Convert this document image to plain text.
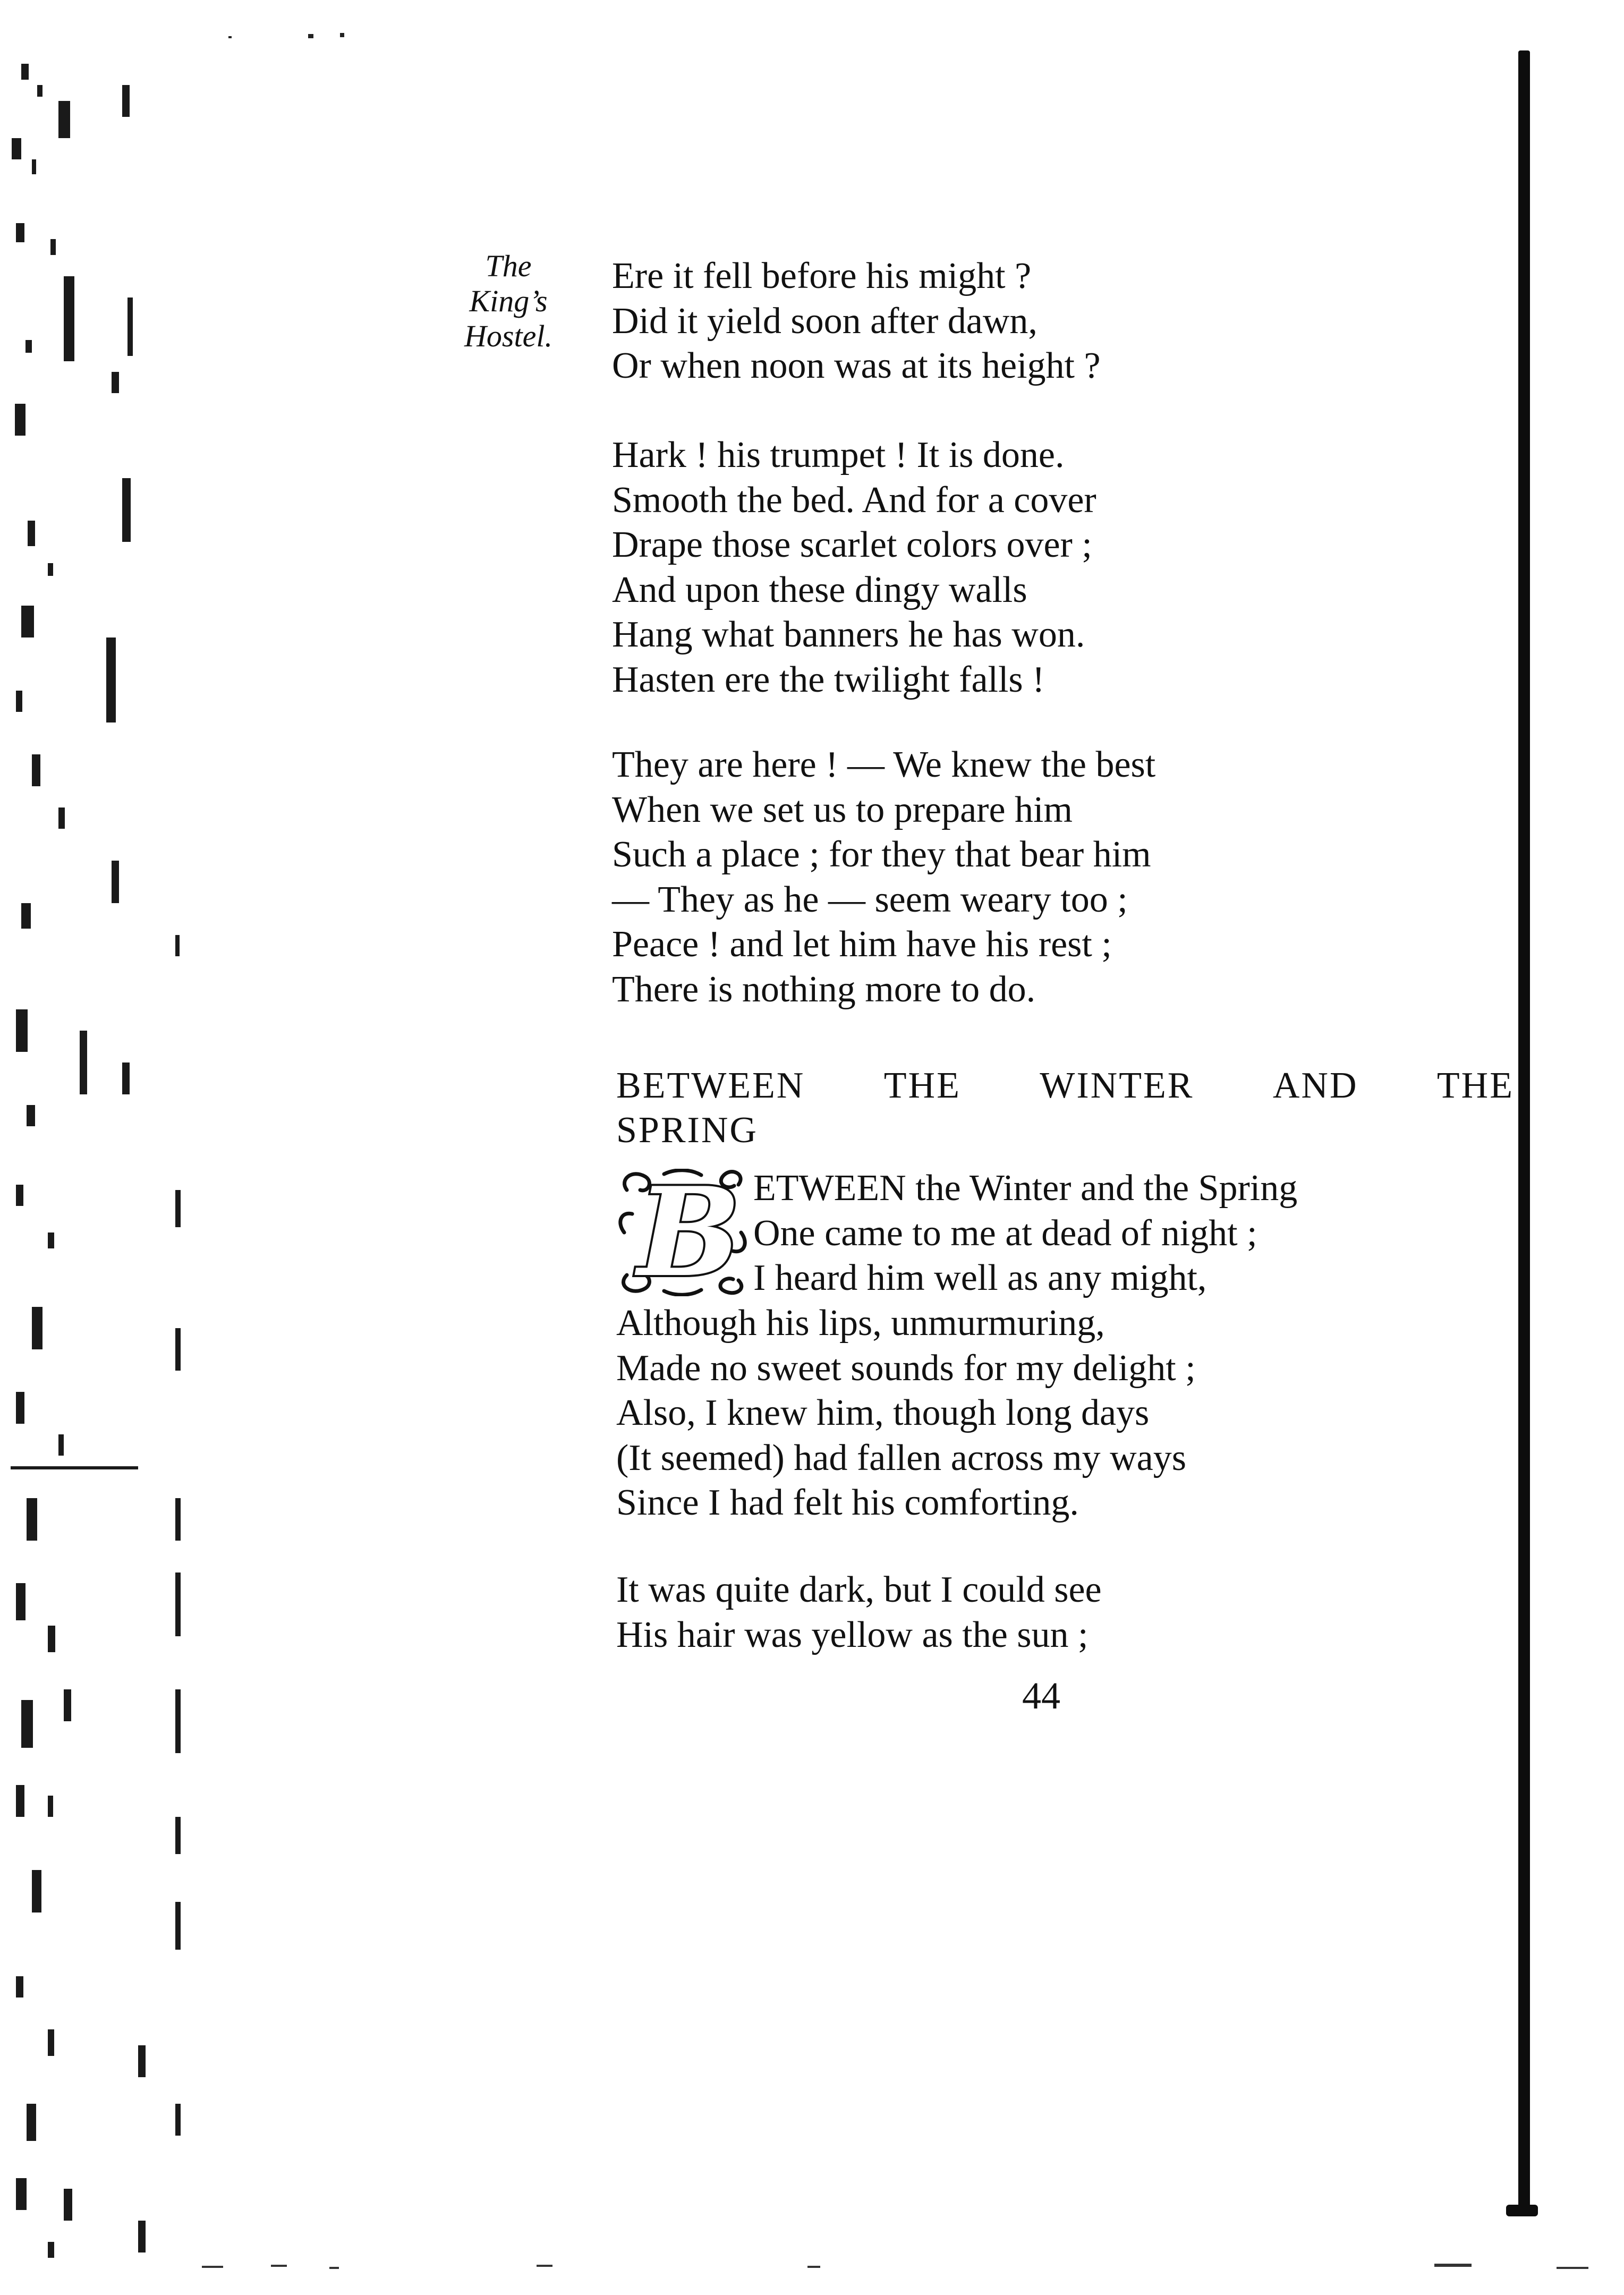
The
King’s
Hostel.
Ere it fell before his might ?
Did it yield soon after dawn,
Or when noon was at its height ?
Hark ! his trumpet ! It is done.
Smooth the bed. And for a cover
Drape those scarlet colors over ;
And upon these dingy walls
Hang what banners he has won.
Hasten ere the twilight falls !
They are here ! — We knew the best
When we set us to prepare him
Such a place ; for they that bear him
— They as he — seem weary too ;
Peace ! and let him have his rest ;
There is nothing more to do.
BETWEEN THE WINTER AND THE
SPRING
B ETWEEN the Winter and the Spring
One came to me at dead of night ;
I heard him well as any might,
Although his lips, unmurmuring,
Made no sweet sounds for my delight ;
Also, I knew him, though long days
(It seemed) had fallen across my ways
Since I had felt his comforting.
It was quite dark, but I could see
His hair was yellow as the sun ;
44
